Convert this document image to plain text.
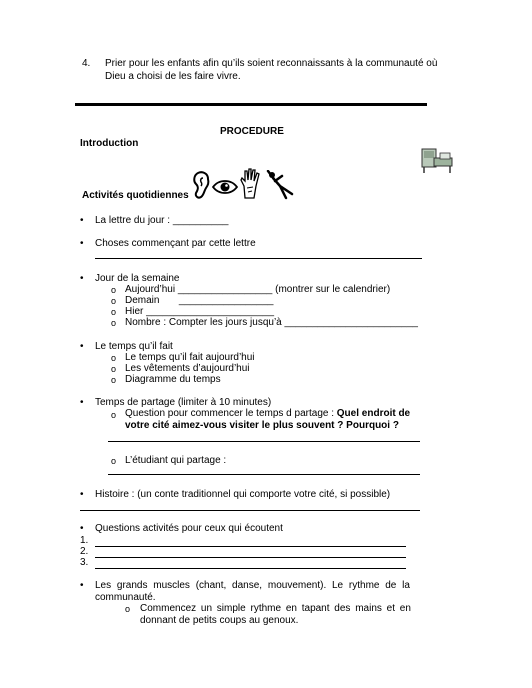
4. Prier pour les enfants afin qu’ils soient reconnaissants à la communauté où
Dieu a choisi de les faire vivre.
PROCEDURE
Introduction
Activités quotidiennes
• La lettre du jour : __________
• Choses commençant par cette lettre
• Jour de la semaine
o Aujourd’hui _________________ (montrer sur le calendrier)
o Demain       _________________
o Hier _______________________
o Nombre : Compter les jours jusqu’à ________________________
• Le temps qu’il fait
o Le temps qu’il fait aujourd’hui
o Les vêtements d’aujourd’hui
o Diagramme du temps
• Temps de partage (limiter à 10 minutes)
o Question pour commencer le temps d partage : Quel endroit de
votre cité aimez-vous visiter le plus souvent ? Pourquoi ?
o L’étudiant qui partage :
• Histoire : (un conte traditionnel qui comporte votre cité, si possible)
• Questions activités pour ceux qui écoutent
1.
2.
3.
• Les grands muscles (chant, danse, mouvement). Le rythme de la
communauté.
o Commencez un simple rythme en tapant des mains et en
donnant de petits coups au genoux.
